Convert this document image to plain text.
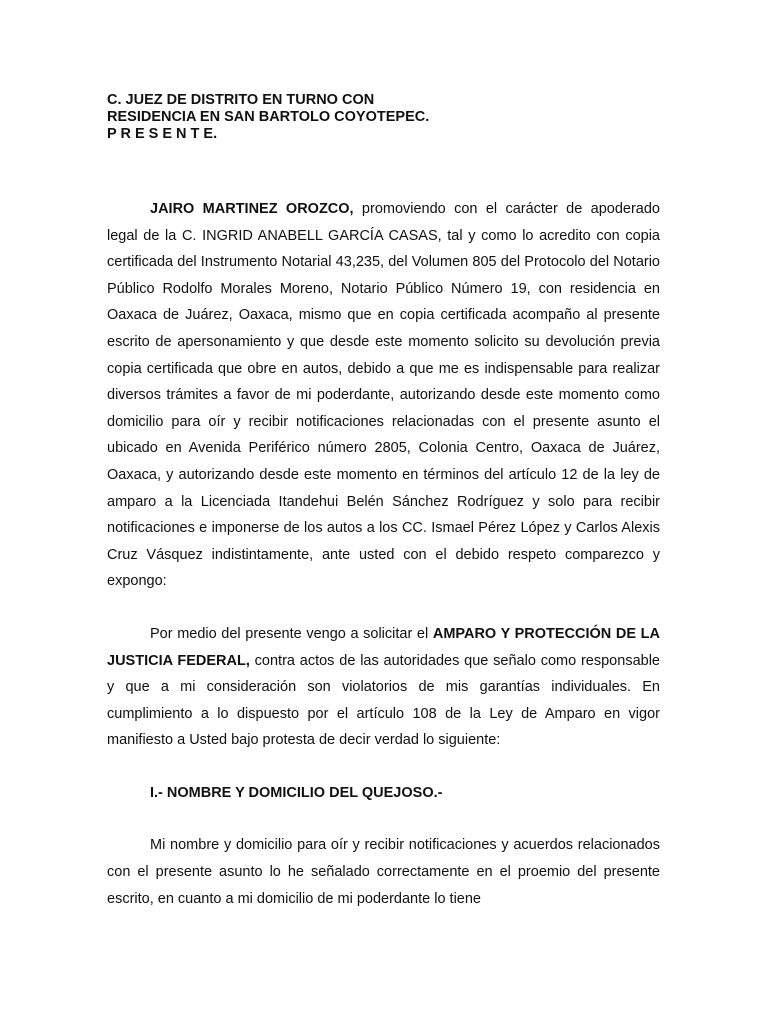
C. JUEZ DE DISTRITO EN TURNO CON
RESIDENCIA EN SAN BARTOLO COYOTEPEC.
P R E S E N T E.

JAIRO MARTINEZ OROZCO, promoviendo con el carácter de apoderado legal de la C. INGRID ANABELL GARCÍA CASAS, tal y como lo acredito con copia certificada del Instrumento Notarial 43,235, del Volumen 805 del Protocolo del Notario Público Rodolfo Morales Moreno, Notario Público Número 19, con residencia en Oaxaca de Juárez, Oaxaca, mismo que en copia certificada acompaño al presente escrito de apersonamiento y que desde este momento solicito su devolución previa copia certificada que obre en autos, debido a que me es indispensable para realizar diversos trámites a favor de mi poderdante, autorizando desde este momento como domicilio para oír y recibir notificaciones relacionadas con el presente asunto el ubicado en Avenida Periférico número 2805, Colonia Centro, Oaxaca de Juárez, Oaxaca, y autorizando desde este momento en términos del artículo 12 de la ley de amparo a la Licenciada Itandehui Belén Sánchez Rodríguez y solo para recibir notificaciones e imponerse de los autos a los CC. Ismael Pérez López y Carlos Alexis Cruz Vásquez indistintamente, ante usted con el debido respeto comparezco y expongo:

Por medio del presente vengo a solicitar el AMPARO Y PROTECCIÓN DE LA JUSTICIA FEDERAL, contra actos de las autoridades que señalo como responsable y que a mi consideración son violatorios de mis garantías individuales. En cumplimiento a lo dispuesto por el artículo 108 de la Ley de Amparo en vigor manifiesto a Usted bajo protesta de decir verdad lo siguiente:

I.- NOMBRE Y DOMICILIO DEL QUEJOSO.-

Mi nombre y domicilio para oír y recibir notificaciones y acuerdos relacionados con el presente asunto lo he señalado correctamente en el proemio del presente escrito, en cuanto a mi domicilio de mi poderdante lo tiene
